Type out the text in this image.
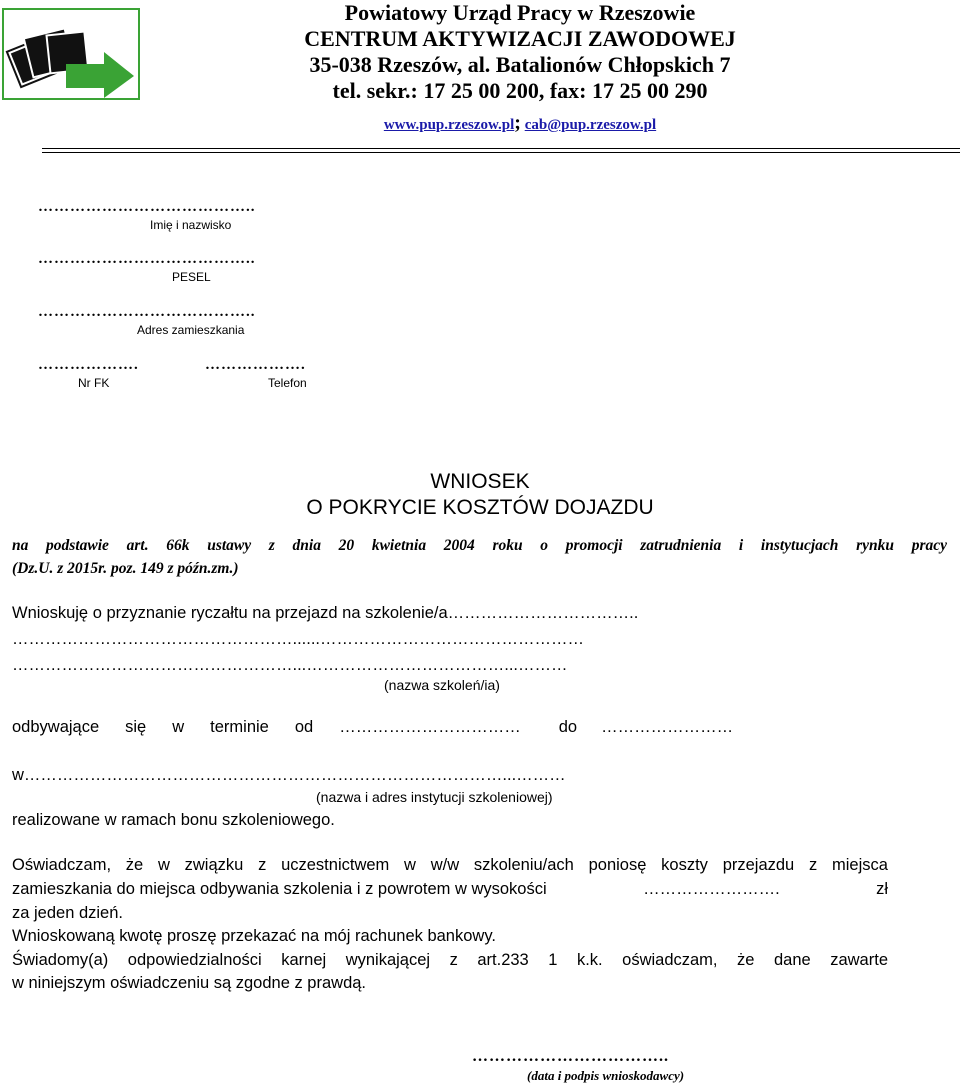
Powiatowy Urząd Pracy w Rzeszowie
CENTRUM AKTYWIZACJI ZAWODOWEJ
35-038 Rzeszów, al. Batalionów Chłopskich 7
tel. sekr.: 17 25 00 200, fax: 17 25 00 290
www.pup.rzeszow.pl; cab@pup.rzeszow.pl
…………………………………..
Imię i nazwisko
…………………………………..
PESEL
…………………………………..
Adres zamieszkania
……………….	……………….
Nr FK	Telefon
WNIOSEK
O POKRYCIE KOSZTÓW DOJAZDU
na podstawie art. 66k ustawy z dnia 20 kwietnia 2004 roku o promocji zatrudnienia i instytucjach rynku pracy
(Dz.U. z 2015r. poz. 149 z późn.zm.)
Wnioskuję o przyznanie ryczałtu na przejazd na szkolenie/a……………………………..
……………………………………………......…………………………………………
……………………………………………...………………………………...………
(nazwa szkoleń/ia)
odbywające się w terminie od …………………………… do ……………………
w……………………………………………………………………………...………
(nazwa i adres instytucji szkoleniowej)
realizowane w ramach bonu szkoleniowego.
Oświadczam, że w związku z uczestnictwem w w/w szkoleniu/ach poniosę koszty przejazdu z miejsca
zamieszkania do miejsca odbywania szkolenia i z powrotem w wysokości	…………………….	zł
za jeden dzień.
Wnioskowaną kwotę proszę przekazać na mój rachunek bankowy.
Świadomy(a) odpowiedzialności karnej wynikającej z art.233 1 k.k. oświadczam, że dane zawarte
w niniejszym oświadczeniu są zgodne z prawdą.
……………………………..
(data i podpis wnioskodawcy)
